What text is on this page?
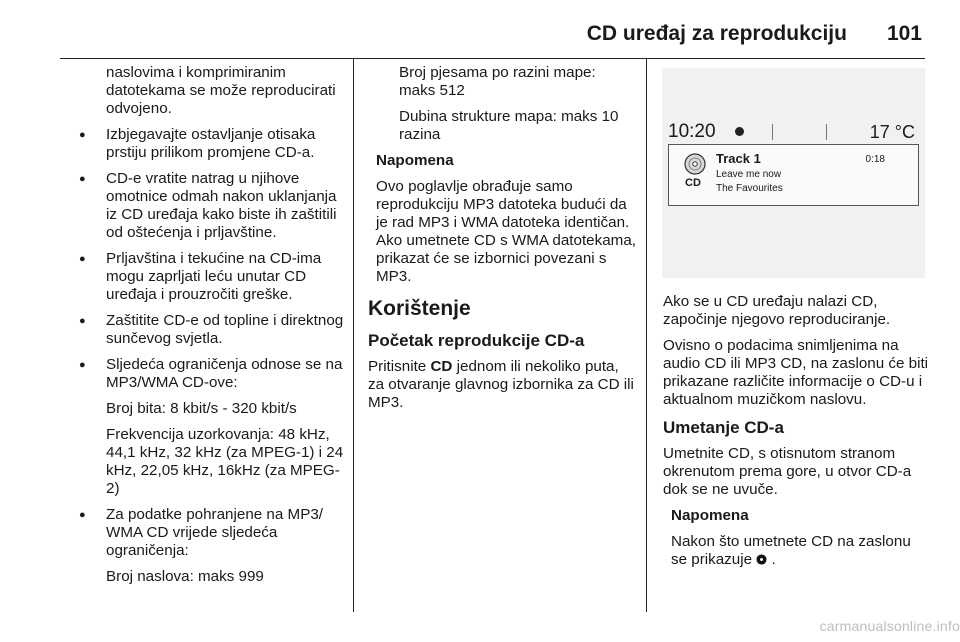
CD uređaj za reprodukciju 101

naslovima i komprimiranim datotekama se može reproducirati odvojeno.

● Izbjegavajte ostavljanje otisaka prstiju prilikom promjene CD-a.
● CD-e vratite natrag u njihove omotnice odmah nakon uklanjanja iz CD uređaja kako biste ih zaštitili od oštećenja i prljavštine.
● Prljavština i tekućine na CD-ima mogu zaprljati leću unutar CD uređaja i prouzročiti greške.
● Zaštitite CD-e od topline i direktnog sunčevog svjetla.
● Sljedeća ograničenja odnose se na MP3/WMA CD-ove:

Broj bita: 8 kbit/s - 320 kbit/s

Frekvencija uzorkovanja: 48 kHz, 44,1 kHz, 32 kHz (za MPEG-1) i 24 kHz, 22,05 kHz, 16kHz (za MPEG-2)

● Za podatke pohranjene na MP3/ WMA CD vrijede sljedeća ograničenja:

Broj naslova: maks 999

Broj pjesama po razini mape: maks 512

Dubina strukture mapa: maks 10 razina

Napomena

Ovo poglavlje obrađuje samo reprodukciju MP3 datoteka budući da je rad MP3 i WMA datoteka identičan. Ako umetnete CD s WMA datotekama, prikazat će se izbornici povezani s MP3.

Korištenje
Početak reprodukcije CD-a

Pritisnite CD jednom ili nekoliko puta, za otvaranje glavnog izbornika za CD ili MP3.

10:20	17 °C
CD
Track 1
Leave me now
The Favourites
0:18

Ako se u CD uređaju nalazi CD, započinje njegovo reproduciranje.

Ovisno o podacima snimljenima na audio CD ili MP3 CD, na zaslonu će biti prikazane različite informacije o CD-u i aktualnom muzičkom naslovu.

Umetanje CD-a

Umetnite CD, s otisnutom stranom okrenutom prema gore, u otvor CD-a dok se ne uvuče.

Napomena

Nakon što umetnete CD na zaslonu se prikazuje  .

carmanualsonline.info
